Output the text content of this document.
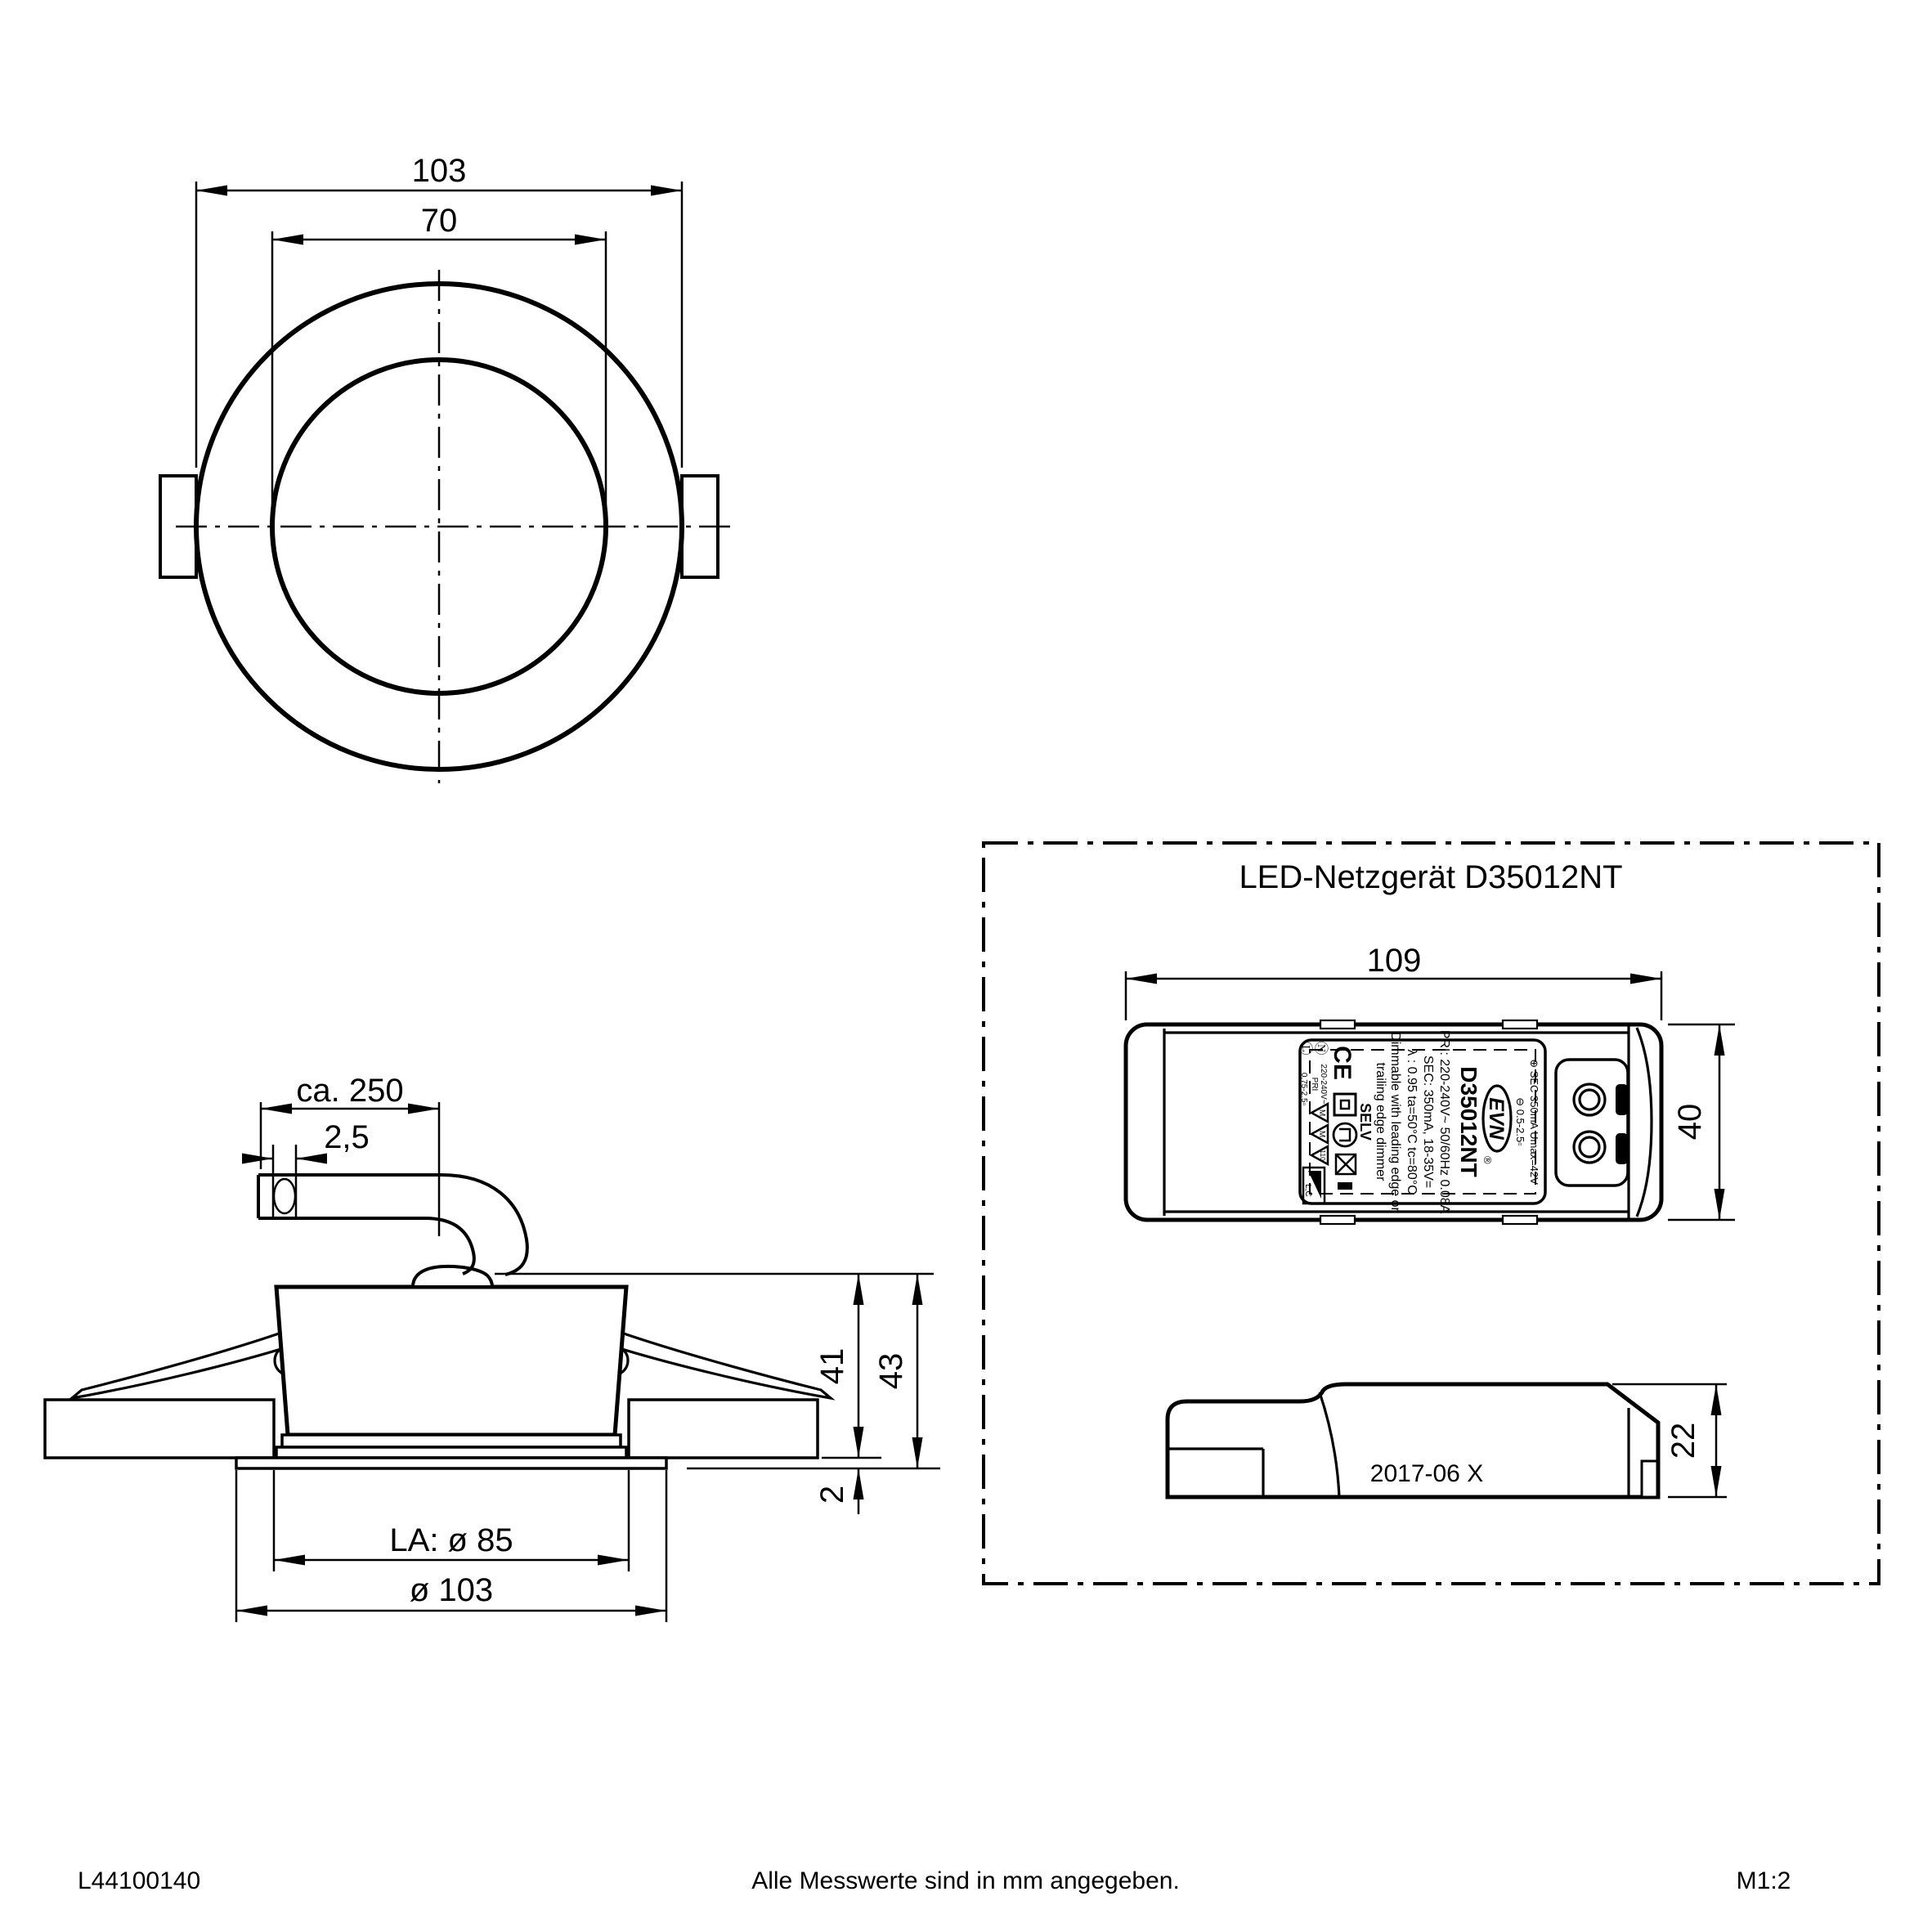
103
70
ca. 250
2,5
41 43
2
LA: ø 85
ø 103
LED-Netzgerät D35012NT
⊕ SEC 350mA Umax=42V
⊖ 0.5-2.5▫
EVN
®
D35012NT
PRI: 220-240V~ 50/60Hz 0.08A
SEC: 350mA, 18-35V=
λ : 0.95 ta=50°C tc=80°C
Dimmable with leading edge or
trailing edge dimmer
SELV
CE
Ⓝ
220-240V~
PRI
M
M
110
Ⓛ
0.75-2.5▫
L,C
109
40
2017-06 X
22
L44100140	Alle Messwerte sind in mm angegeben.	M1:2
